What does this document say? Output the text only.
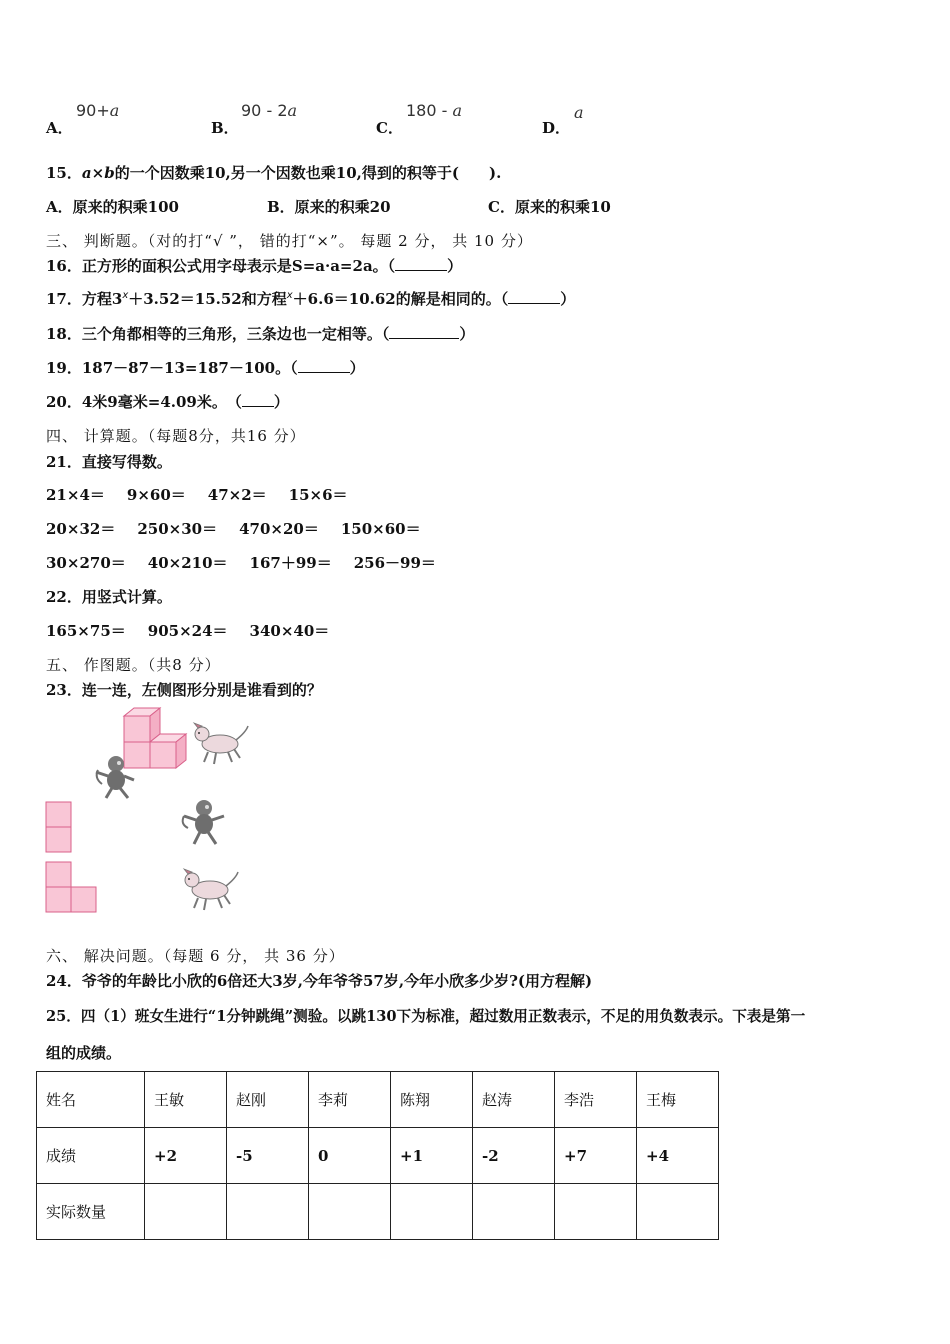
A．
90+a
B．
90 - 2a
C．
180 - a
D．
a
15．a×b的一个因数乘10,另一个因数也乘10,得到的积等于(　　).
A．原来的积乘100	B．原来的积乘20	C．原来的积乘10
三、 判断题。（对的打“√ ”， 错的打“×”。 每题 2 分， 共 10 分）
16．正方形的面积公式用字母表示是S=a·a=2a。（	）
17．方程$3^x+3.52=15.52$和方程$^x$＋6.6＝10.62的解是相同的。（	）
18．三个角都相等的三角形，三条边也一定相等。（	）
19．187－87－13=187－100。（	）
20．4米9毫米=4.09米。　（ ）
四、 计算题。（每题8分，共16 分）
21．直接写得数。
21×4＝ 9×60＝ 47×2＝ 15×6＝
20×32＝ 250×30＝ 470×20＝ 150×60＝
30×270＝ 40×210＝ 167＋99＝ 256－99＝
22．用竖式计算。
165×75＝ 905×24＝ 340×40＝
五、 作图题。（共8 分）
23．连一连，左侧图形分别是谁看到的？
六、 解决问题。（每题 6 分， 共 36 分）
24．爷爷的年龄比小欣的6倍还大3岁,今年爷爷57岁,今年小欣多少岁?(用方程解)
25．四（1）班女生进行“1分钟跳绳”测验。以跳130下为标准，超过数用正数表示，不足的用负数表示。下表是第一
组的成绩。
姓名	王敏	赵刚	李莉	陈翔	赵涛	李浩	王梅
成绩	+2	-5	0	+1	-2	+7	+4
实际数量							
